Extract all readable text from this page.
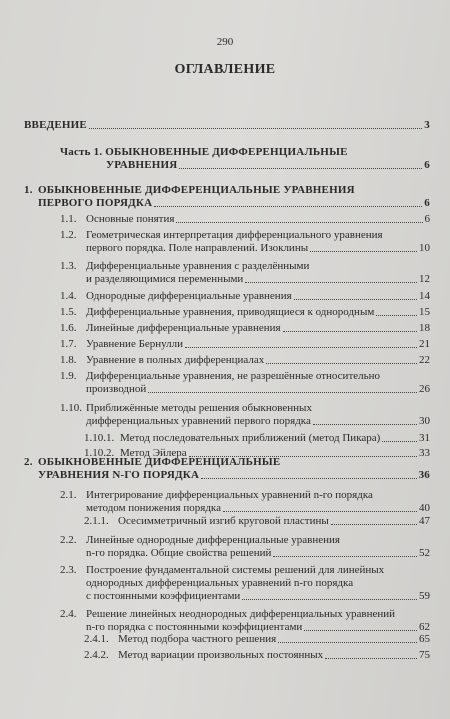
290
ОГЛАВЛЕНИЕ
ВВЕДЕНИЕ	3
Часть 1. ОБЫКНОВЕННЫЕ ДИФФЕРЕНЦИАЛЬНЫЕ
УРАВНЕНИЯ	6
1. ОБЫКНОВЕННЫЕ ДИФФЕРЕНЦИАЛЬНЫЕ УРАВНЕНИЯ
ПЕРВОГО ПОРЯДКА	6
1.1. Основные понятия	6
1.2. Геометрическая интерпретация дифференциального уравнения
первого порядка. Поле направлений. Изоклины	10
1.3. Дифференциальные уравнения с разделёнными
и разделяющимися переменными	12
1.4. Однородные дифференциальные уравнения	14
1.5. Дифференциальные уравнения, приводящиеся к однородным	15
1.6. Линейные дифференциальные уравнения	18
1.7. Уравнение Бернулли	21
1.8. Уравнение в полных дифференциалах	22
1.9. Дифференциальные уравнения, не разрешённые относительно
производной	26
1.10. Приближённые методы решения обыкновенных
дифференциальных уравнений первого порядка	30
1.10.1. Метод последовательных приближений (метод Пикара)	31
1.10.2. Метод Эйлера	33
2. ОБЫКНОВЕННЫЕ ДИФФЕРЕНЦИАЛЬНЫЕ
УРАВНЕНИЯ N-ГО ПОРЯДКА	36
2.1. Интегрирование дифференциальных уравнений n-го порядка
методом понижения порядка	40
2.1.1. Осесимметричный изгиб круговой пластины	47
2.2. Линейные однородные дифференциальные уравнения
n-го порядка. Общие свойства решений	52
2.3. Построение фундаментальной системы решений для линейных
однородных дифференциальных уравнений n-го порядка
с постоянными коэффициентами	59
2.4. Решение линейных неоднородных дифференциальных уравнений
n-го порядка с постоянными коэффициентами	62
2.4.1. Метод подбора частного решения	65
2.4.2. Метод вариации произвольных постоянных	75
